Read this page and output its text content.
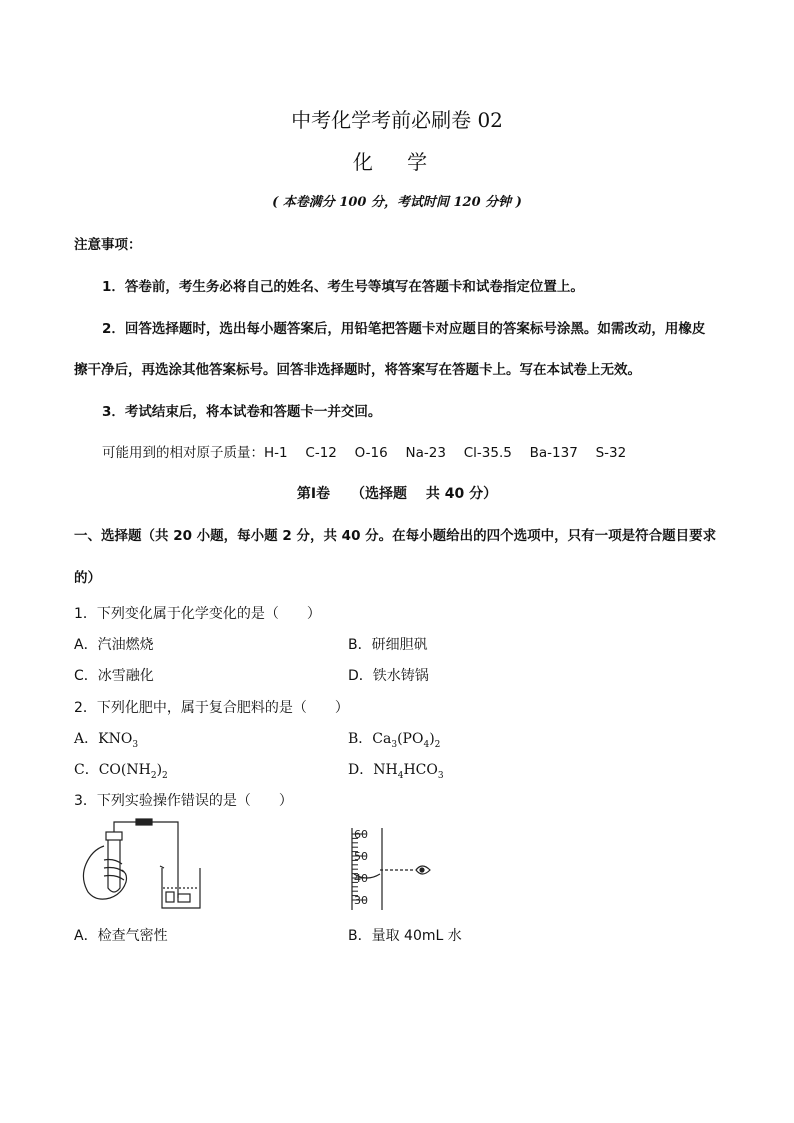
中考化学考前必刷卷 02
化 学
( 本卷满分 100 分，考试时间 120 分钟 )
注意事项：
1．答卷前，考生务必将自己的姓名、考生号等填写在答题卡和试卷指定位置上。
2．回答选择题时，选出每小题答案后，用铅笔把答题卡对应题目的答案标号涂黑。如需改动，用橡皮
擦干净后，再选涂其他答案标号。回答非选择题时，将答案写在答题卡上。写在本试卷上无效。
3．考试结束后，将本试卷和答题卡一并交回。
可能用到的相对原子质量：H-1　 C-12　 O-16　 Na-23　 Cl-35.5　 Ba-137　 S-32
第Ⅰ卷　　（选择题　 共 40 分）
一、选择题（共 20 小题，每小题 2 分，共 40 分。在每小题给出的四个选项中，只有一项是符合题目要求
的）
1．下列变化属于化学变化的是（　　）
A．汽油燃烧	B．研细胆矾
C．冰雪融化	D．铁水铸锅
2．下列化肥中，属于复合肥料的是（　　）
A．$KNO_3$	B．$Ca_3(PO_4)_2$
C．$CO(NH_2)_2$	D．$NH_4HCO_3$
3．下列实验操作错误的是（　　）
60
50
40
30
A．检查气密性	B．量取 40mL 水
